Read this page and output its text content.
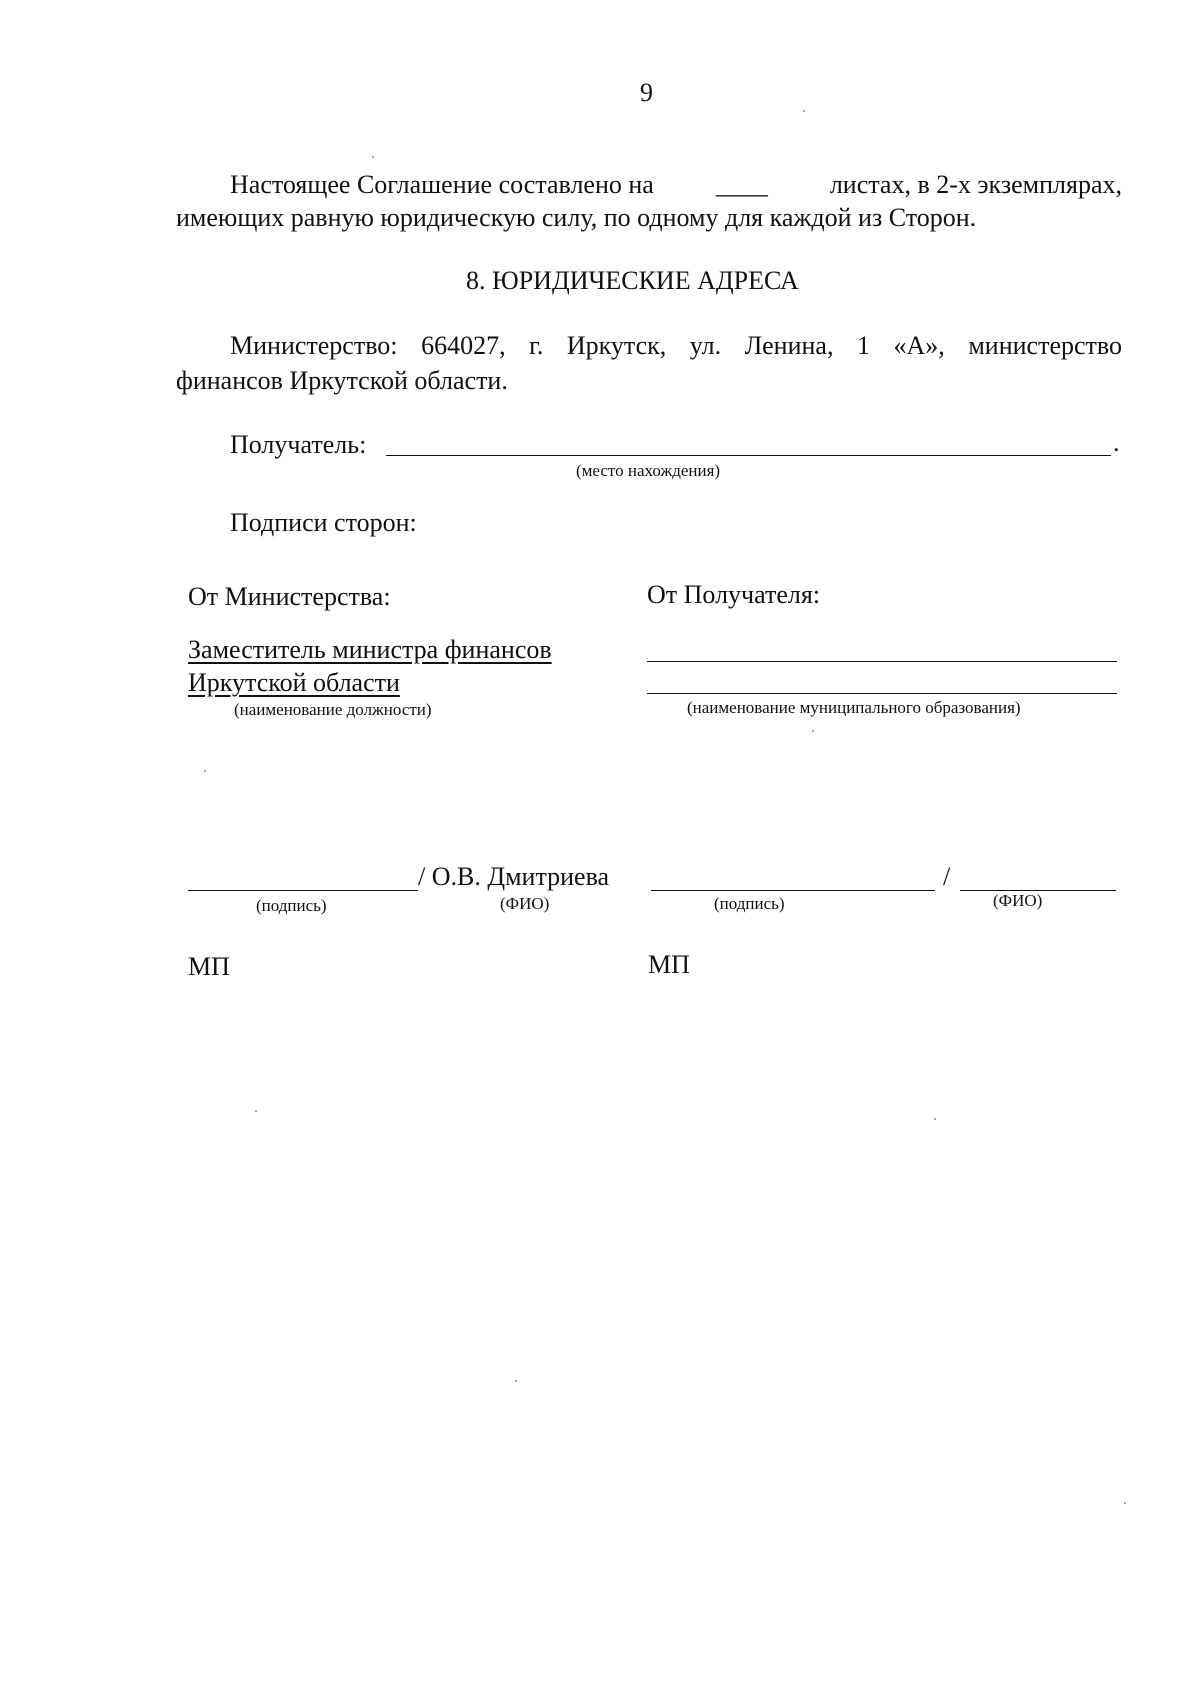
9
Настоящее Соглашение составлено на ____ листах, в 2-х экземплярах,
имеющих равную юридическую силу, по одному для каждой из Сторон.
8. ЮРИДИЧЕСКИЕ АДРЕСА
Министерство: 664027, г. Иркутск, ул. Ленина, 1 «А», министерство
финансов Иркутской области.
Получатель:	.
(место нахождения)
Подписи сторон:
От Министерства:
Заместитель министра финансов
Иркутской области
(наименование должности)
От Получателя:
(наименование муниципального образования)
/ О.В. Дмитриева
(подпись)	(ФИО)
/
(подпись)	(ФИО)
МП	МП
